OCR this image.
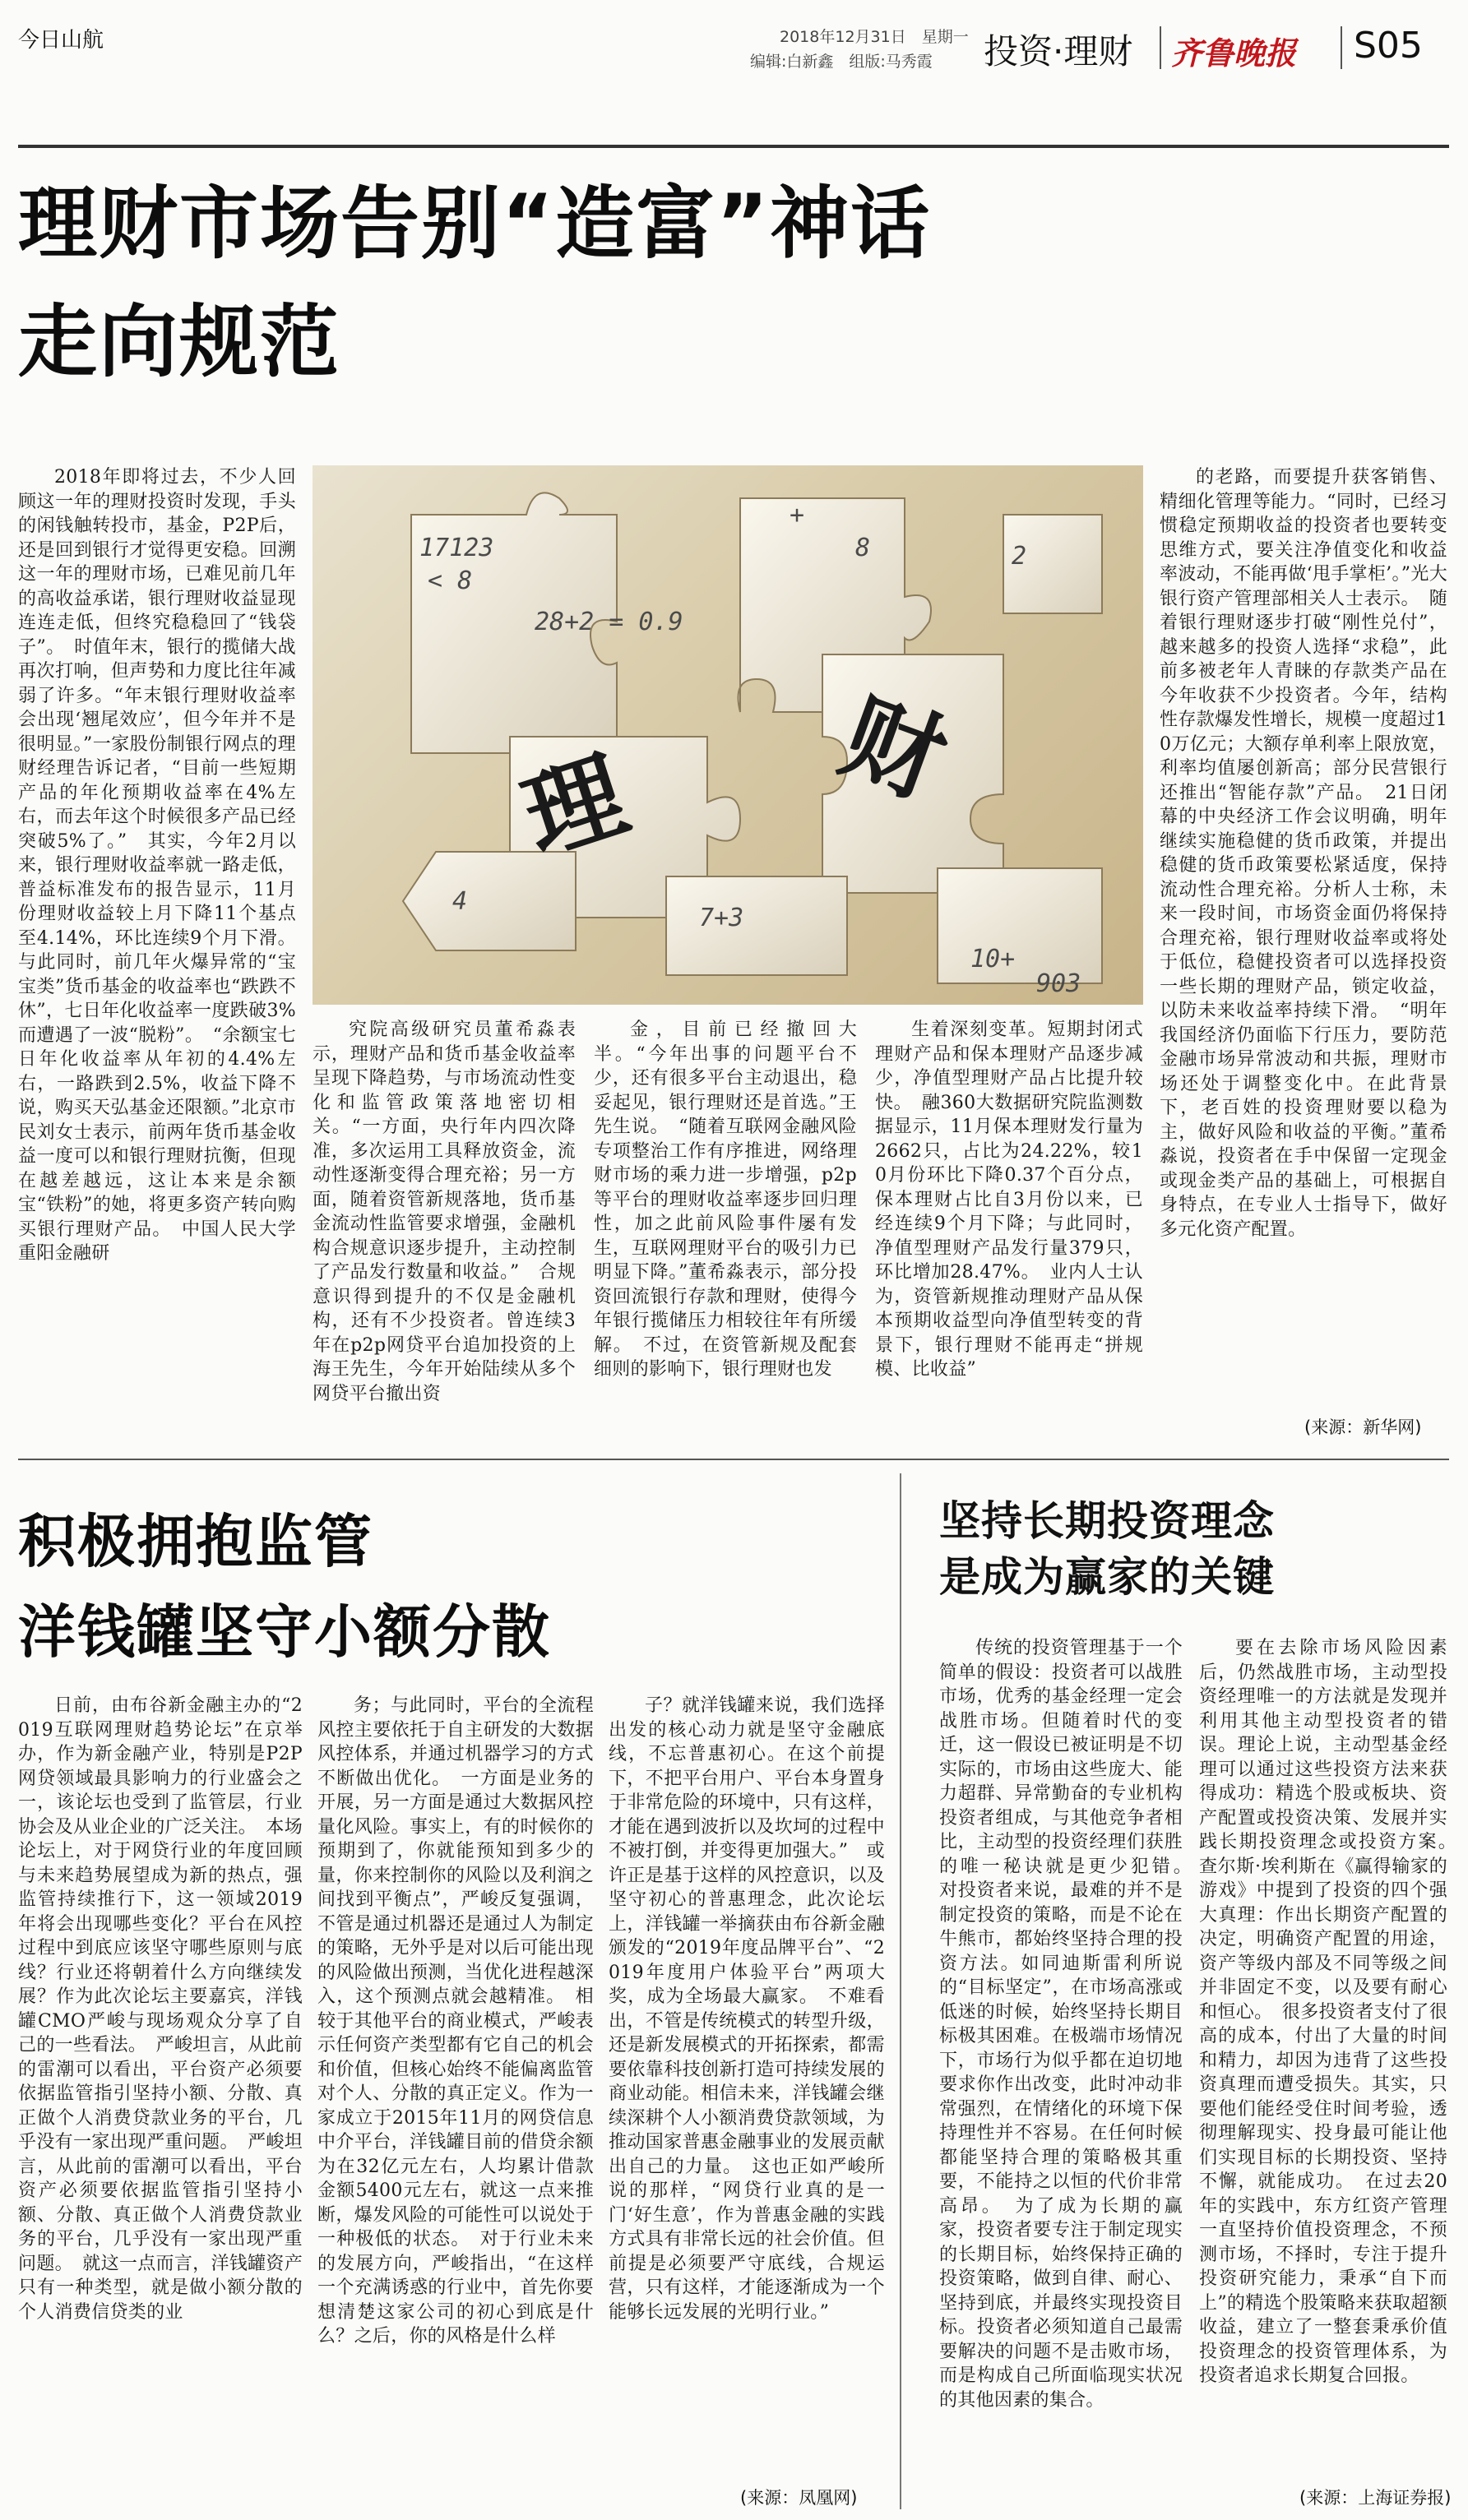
今日山航	2018年12月31日　星期一
编辑:白新鑫　组版:马秀霞 投资·理财 齐鲁晚报 S05
理财市场告别“造富”神话
走向规范
17123
< 8
28+2 = 0.9
+
8	2
10+
903
7+3
4
理 财

2018年即将过去，不少人回顾这一年的理财投资时发现，手头的闲钱触转投市，基金，P2P后，还是回到银行才觉得更安稳。回溯这一年的理财市场，已难见前几年的高收益承诺，银行理财收益显现连连走低，但终究稳稳回了“钱袋子”。　时值年末，银行的揽储大战再次打响，但声势和力度比往年减弱了许多。“年末银行理财收益率会出现‘翘尾效应’，但今年并不是很明显。”一家股份制银行网点的理财经理告诉记者，“目前一些短期产品的年化预期收益率在4%左右，而去年这个时候很多产品已经突破5%了。”　其实，今年2月以来，银行理财收益率就一路走低，普益标准发布的报告显示，11月份理财收益较上月下降11个基点至4.14%，环比连续9个月下滑。与此同时，前几年火爆异常的“宝宝类”货币基金的收益率也“跌跌不休”，七日年化收益率一度跌破3%而遭遇了一波“脱粉”。　“余额宝七日年化收益率从年初的4.4%左右，一路跌到2.5%，收益下降不说，购买天弘基金还限额。”北京市民刘女士表示，前两年货币基金收益一度可以和银行理财抗衡，但现在越差越远，这让本来是余额宝“铁粉”的她，将更多资产转向购买银行理财产品。　中国人民大学重阳金融研

究院高级研究员董希淼表示，理财产品和货币基金收益率呈现下降趋势，与市场流动性变化和监管政策落地密切相关。“一方面，央行年内四次降准，多次运用工具释放资金，流动性逐渐变得合理充裕；另一方面，随着资管新规落地，货币基金流动性监管要求增强，金融机构合规意识逐步提升，主动控制了产品发行数量和收益。”　合规意识得到提升的不仅是金融机构，还有不少投资者。曾连续3年在p2p网贷平台追加投资的上海王先生，今年开始陆续从多个网贷平台撤出资

金，目前已经撤回大半。“今年出事的问题平台不少，还有很多平台主动退出，稳妥起见，银行理财还是首选。”王先生说。　“随着互联网金融风险专项整治工作有序推进，网络理财市场的乘力进一步增强，p2p等平台的理财收益率逐步回归理性，加之此前风险事件屡有发生，互联网理财平台的吸引力已明显下降。”董希淼表示，部分投资回流银行存款和理财，使得今年银行揽储压力相较往年有所缓解。　不过，在资管新规及配套细则的影响下，银行理财也发

生着深刻变革。短期封闭式理财产品和保本理财产品逐步减少，净值型理财产品占比提升较快。　融360大数据研究院监测数据显示，11月保本理财发行量为2662只，占比为24.22%，较10月份环比下降0.37个百分点，保本理财占比自3月份以来，已经连续9个月下降；与此同时，净值型理财产品发行量379只，环比增加28.47%。　业内人士认为，资管新规推动理财产品从保本预期收益型向净值型转变的背景下，银行理财不能再走“拼规模、比收益”

的老路，而要提升获客销售、精细化管理等能力。“同时，已经习惯稳定预期收益的投资者也要转变思维方式，要关注净值变化和收益率波动，不能再做‘甩手掌柜’。”光大银行资产管理部相关人士表示。　随着银行理财逐步打破“刚性兑付”，越来越多的投资人选择“求稳”，此前多被老年人青睐的存款类产品在今年收获不少投资者。今年，结构性存款爆发性增长，规模一度超过10万亿元；大额存单利率上限放宽，利率均值屡创新高；部分民营银行还推出“智能存款”产品。　21日闭幕的中央经济工作会议明确，明年继续实施稳健的货币政策，并提出稳健的货币政策要松紧适度，保持流动性合理充裕。分析人士称，未来一段时间，市场资金面仍将保持合理充裕，银行理财收益率或将处于低位，稳健投资者可以选择投资一些长期的理财产品，锁定收益，以防未来收益率持续下滑。　“明年我国经济仍面临下行压力，要防范金融市场异常波动和共振，理财市场还处于调整变化中。在此背景下，老百姓的投资理财要以稳为主，做好风险和收益的平衡。”董希淼说，投资者在手中保留一定现金或现金类产品的基础上，可根据自身特点，在专业人士指导下，做好多元化资产配置。

(来源：新华网)
积极拥抱监管
洋钱罐坚守小额分散

日前，由布谷新金融主办的“2019互联网理财趋势论坛”在京举办，作为新金融产业，特别是P2P网贷领域最具影响力的行业盛会之一，该论坛也受到了监管层，行业协会及从业企业的广泛关注。　本场论坛上，对于网贷行业的年度回顾与未来趋势展望成为新的热点，强监管持续推行下，这一领域2019年将会出现哪些变化？平台在风控过程中到底应该坚守哪些原则与底线？行业还将朝着什么方向继续发展？作为此次论坛主要嘉宾，洋钱罐CMO严峻与现场观众分享了自己的一些看法。　严峻坦言，从此前的雷潮可以看出，平台资产必须要依据监管指引坚持小额、分散、真正做个人消费贷款业务的平台，几乎没有一家出现严重问题。　严峻坦言，从此前的雷潮可以看出，平台资产必须要依据监管指引坚持小额、分散、真正做个人消费贷款业务的平台，几乎没有一家出现严重问题。　就这一点而言，洋钱罐资产只有一种类型，就是做小额分散的个人消费信贷类的业

务；与此同时，平台的全流程风控主要依托于自主研发的大数据风控体系，并通过机器学习的方式不断做出优化。　一方面是业务的开展，另一方面是通过大数据风控量化风险。事实上，有的时候你的预期到了，你就能预知到多少的量，你来控制你的风险以及利润之间找到平衡点”，严峻反复强调，不管是通过机器还是通过人为制定的策略，无外乎是对以后可能出现的风险做出预测，当优化进程越深入，这个预测点就会越精准。　相较于其他平台的商业模式，严峻表示任何资产类型都有它自己的机会和价值，但核心始终不能偏离监管对个人、分散的真正定义。作为一家成立于2015年11月的网贷信息中介平台，洋钱罐目前的借贷余额为在32亿元左右，人均累计借款金额5400元左右，就这一点来推断，爆发风险的可能性可以说处于一种极低的状态。　对于行业未来的发展方向，严峻指出，“在这样一个充满诱惑的行业中，首先你要想清楚这家公司的初心到底是什么？之后，你的风格是什么样

子？就洋钱罐来说，我们选择出发的核心动力就是坚守金融底线，不忘普惠初心。在这个前提下，不把平台用户、平台本身置身于非常危险的环境中，只有这样，才能在遇到波折以及坎坷的过程中不被打倒，并变得更加强大。”　或许正是基于这样的风控意识，以及坚守初心的普惠理念，此次论坛上，洋钱罐一举摘获由布谷新金融颁发的“2019年度品牌平台”、“2019年度用户体验平台”两项大奖，成为全场最大赢家。　不难看出，不管是传统模式的转型升级，还是新发展模式的开拓探索，都需要依靠科技创新打造可持续发展的商业动能。相信未来，洋钱罐会继续深耕个人小额消费贷款领域，为推动国家普惠金融事业的发展贡献出自己的力量。　这也正如严峻所说的那样，“网贷行业真的是一门‘好生意’，作为普惠金融的实践方式具有非常长远的社会价值。但前提是必须要严守底线，合规运营，只有这样，才能逐渐成为一个能够长远发展的光明行业。”

(来源：凤凰网)
坚持长期投资理念
是成为赢家的关键

传统的投资管理基于一个简单的假设：投资者可以战胜市场，优秀的基金经理一定会战胜市场。但随着时代的变迁，这一假设已被证明是不切实际的，市场由这些庞大、能力超群、异常勤奋的专业机构投资者组成，与其他竞争者相比，主动型的投资经理们获胜的唯一秘诀就是更少犯错。　对投资者来说，最难的并不是制定投资的策略，而是不论在牛熊市，都始终坚持合理的投资方法。如同迪斯雷利所说的“目标坚定”，在市场高涨或低迷的时候，始终坚持长期目标极其困难。在极端市场情况下，市场行为似乎都在迫切地要求你作出改变，此时冲动非常强烈，在情绪化的环境下保持理性并不容易。在任何时候都能坚持合理的策略极其重要，不能持之以恒的代价非常高昂。　为了成为长期的赢家，投资者要专注于制定现实的长期目标，始终保持正确的投资策略，做到自律、耐心、坚持到底，并最终实现投资目标。投资者必须知道自己最需要解决的问题不是击败市场，而是构成自己所面临现实状况的其他因素的集合。

要在去除市场风险因素后，仍然战胜市场，主动型投资经理唯一的方法就是发现并利用其他主动型投资者的错误。理论上说，主动型基金经理可以通过这些投资方法来获得成功：精选个股或板块、资产配置或投资决策、发展并实践长期投资理念或投资方案。　查尔斯·埃利斯在《赢得输家的游戏》中提到了投资的四个强大真理：作出长期资产配置的决定，明确资产配置的用途，资产等级内部及不同等级之间并非固定不变，以及要有耐心和恒心。　很多投资者支付了很高的成本，付出了大量的时间和精力，却因为违背了这些投资真理而遭受损失。其实，只要他们能经受住时间考验，透彻理解现实、投身最可能让他们实现目标的长期投资、坚持不懈，就能成功。　在过去20年的实践中，东方红资产管理一直坚持价值投资理念，不预测市场，不择时，专注于提升投资研究能力，秉承“自下而上”的精选个股策略来获取超额收益，建立了一整套秉承价值投资理念的投资管理体系，为投资者追求长期复合回报。

(来源：上海证券报)
